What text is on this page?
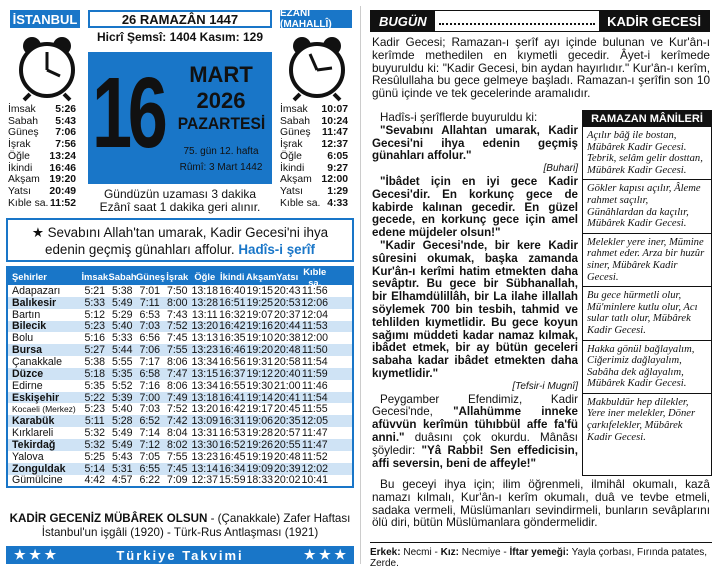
İSTANBUL	26 RAMAZÂN 1447	EZÂNÎ (MAHALLÎ)
Hicrî Şemsî: 1404 Kasım: 129
İmsak 5:26
Sabah 5:43
Güneş 7:06
İşrak 7:56
Öğle 13:24
İkindi 16:46
Akşam 19:20
Yatsı 20:49
Kıble sa. 11:52
İmsak 10:07
Sabah 10:24
Güneş 11:47
İşrak 12:37
Öğle 6:05
İkindi 9:27
Akşam 12:00
Yatsı 1:29
Kıble sa. 4:33
16	MART
2026
PAZARTESİ
75. gün 12. hafta
Rûmî: 3 Mart 1442
Gündüzün uzaması 3 dakika
Ezânî saat 1 dakika geri alınır.
★ Sevabını Allah'tan umarak, Kadir Gecesi'ni ihya edenin geçmiş günahları affolur. Hadîs-i şerîf
Şehirler	İmsak Sabah Güneş İşrak Öğle İkindi Akşam Yatsı Kıble sa.
Adapazarı	5:21 5:38 7:01 7:50 13:18 16:40 19:15 20:43 11:56
Balıkesir	5:33 5:49 7:11 8:00 13:28 16:51 19:25 20:53 12:06
Bartın	5:12 5:29 6:53 7:43 13:11 16:32 19:07 20:37 12:04
Bilecik	5:23 5:40 7:03 7:52 13:20 16:42 19:16 20:44 11:53
Bolu	5:16 5:33 6:56 7:45 13:13 16:35 19:10 20:38 12:00
Bursa	5:27 5:44 7:06 7:55 13:23 16:46 19:20 20:48 11:50
Çanakkale	5:38 5:55 7:17 8:06 13:34 16:56 19:31 20:58 11:54
Düzce	5:18 5:35 6:58 7:47 13:15 16:37 19:12 20:40 11:59
Edirne	5:35 5:52 7:16 8:06 13:34 16:55 19:30 21:00 11:46
Eskişehir	5:22 5:39 7:00 7:49 13:18 16:41 19:14 20:41 11:54
Kocaeli (Merkez) 5:23 5:40 7:03 7:52 13:20 16:42 19:17 20:45 11:55
Karabük	5:11 5:28 6:52 7:42 13:09 16:31 19:06 20:35 12:05
Kırklareli	5:32 5:49 7:14 8:04 13:31 16:53 19:28 20:57 11:47
Tekirdağ	5:32 5:49 7:12 8:02 13:30 16:52 19:26 20:55 11:47
Yalova	5:25 5:43 7:05 7:55 13:23 16:45 19:19 20:48 11:52
Zonguldak	5:14 5:31 6:55 7:45 13:14 16:34 19:09 20:39 12:02
Gümülcine	4:42 4:57 6:22 7:09 12:37 15:59 18:33 20:02 10:41
KADİR GECENİZ MÜBÂREK OLSUN - (Çanakkale) Zafer Haftası
İstanbul'un işgâli (1920) - Türk-Rus Antlaşması (1921)
★ ★ ★	Türkiye Takvimi	★ ★ ★
BUGÜN	KADİR GECESİ
Kadir Gecesi; Ramazan-ı şerîf ayı içinde bulunan ve Kur'ân-ı kerîmde methedilen en kıymetli gecedir. Âyet-i kerîmede buyuruldu ki: "Kadir Gecesi, bin aydan hayırlıdır." Kur'ân-ı kerîm, Resûlullaha bu gece gelmeye başladı. Ramazan-ı şerîfin son 10 günü içinde ve tek gecelerinde aramalıdır.

Hadîs-i şerîflerde buyuruldu ki:

"Sevabını Allahtan umarak, Kadir Gecesi'ni ihya edenin geçmiş günahları affolur."
[Buhari]

"İbâdet için en iyi gece Kadir Gecesi'dir. En korkunç gece de kabirde kalınan gecedir. En güzel gecede, en korkunç gece için amel edene müjdeler olsun!"

"Kadir Gecesi'nde, bir kere Kadir sûresini okumak, başka zamanda Kur'ân-ı kerîmi hatim etmekten daha sevâptır. Bu gece bir Sübhanallah, bir Elhamdülillâh, bir La ilahe illallah söylemek 700 bin tesbih, tahmid ve tehlilden kıymetlidir. Bu gece koyun sağımı müddeti kadar namaz kılmak, ibâdet etmek, bir ay bütün geceleri sabaha kadar ibâdet etmekten daha kıymetlidir."
[Tefsir-i Mugnî]

Peygamber Efendimiz, Kadir Gecesi'nde, "Allahümme inneke afüvvün kerîmün tühıbbül affe fa'fü anni." duâsını çok okurdu. Mânâsı şöyledir: "Yâ Rabbi! Sen effedicisin, affi seversin, beni de affeyle!"

RAMAZAN MÂNİLERİ
Açılır bâğ ile bostan, Mübârek Kadir Gecesi. Tebrik, selâm gelir dosttan, Mübârek Kadir Gecesi.
Gökler kapısı açılır, Âleme rahmet saçılır, Günâhlardan da kaçılır, Mübârek Kadir Gecesi.
Melekler yere iner, Mümine rahmet eder. Arza bir huzûr siner, Mübârek Kadir Gecesi.
Bu gece hürmetli olur, Mü'minlere kutlu olur, Acı sular tatlı olur, Mübârek Kadir Gecesi.
Hakka gönül bağlayalım, Ciğerimiz dağlayalım, Sabâha dek ağlayalım, Mübârek Kadir Gecesi.
Makbuldür hep dilekler, Yere iner melekler, Döner çarkıfelekler, Mübârek Kadir Gecesi.
Bu geceyi ihya için; ilim öğrenmeli, ilmihâl okumalı, kazâ namazı kılmalı, Kur'ân-ı kerîm okumalı, duâ ve tevbe etmeli, sadaka vermeli, Müslümanları sevindirmeli, bunların sevâplarını ölü diri, bütün Müslümanlara göndermelidir.
Erkek: Necmi - Kız: Necmiye - İftar yemeği: Yayla çorbası, Fırında patates, Zerde.
